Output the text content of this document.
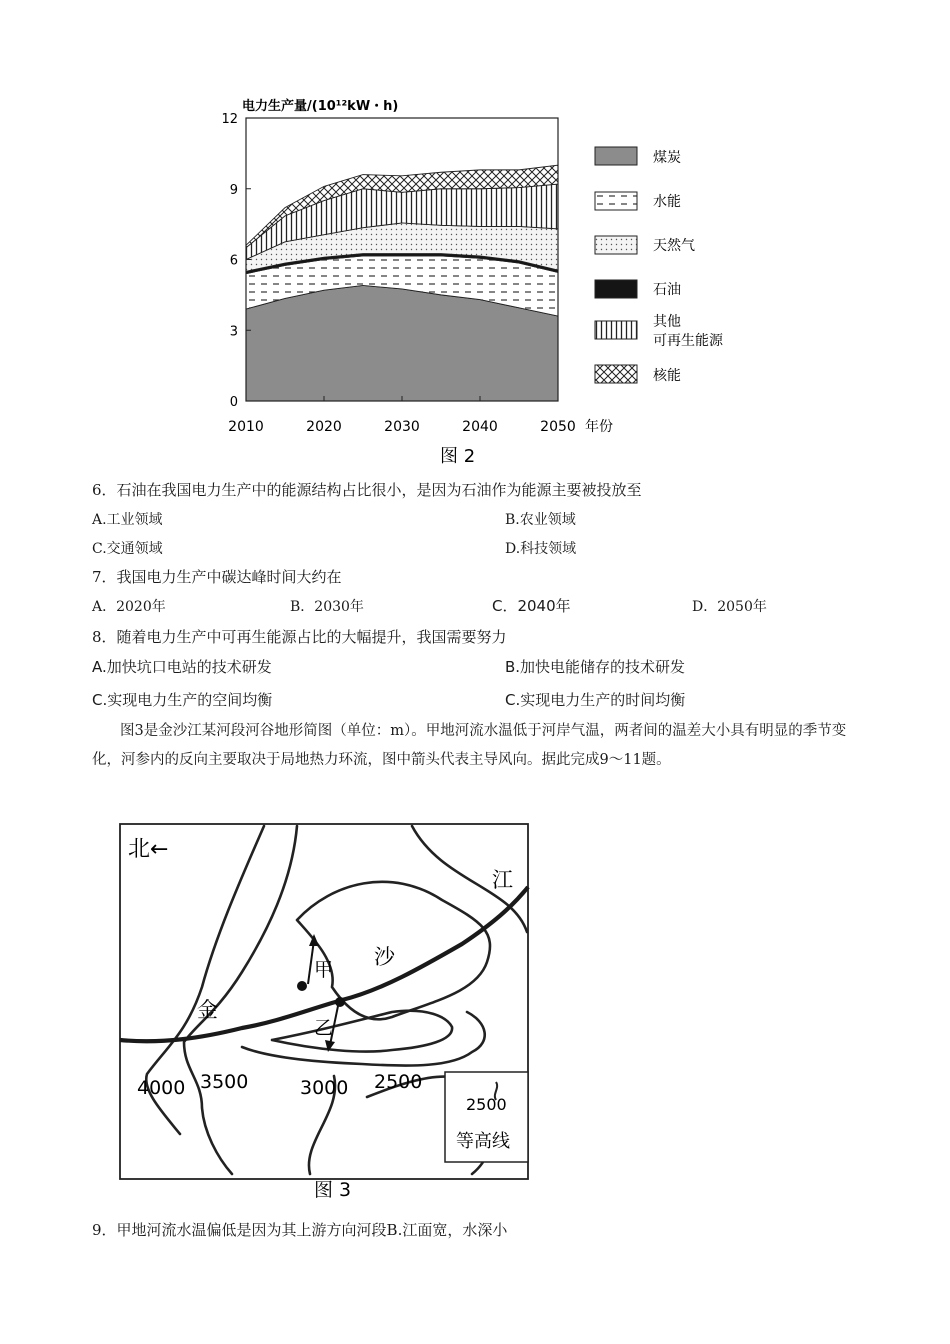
0
3
6
9
12
2010	2020	2030	2040	2050
电力生产量/(10¹²kW・h)
年份
图 2
煤炭
水能
天然气
石油
其他
可再生能源
核能
6．石油在我国电力生产中的能源结构占比很小，是因为石油作为能源主要被投放至
A.工业领域	B.农业领域
C.交通领域	D.科技领域
7．我国电力生产中碳达峰时间大约在
A．2020年	B．2030年	C．2040年	D．2050年
8．随着电力生产中可再生能源占比的大幅提升，我国需要努力
A.加快坑口电站的技术研发	B.加快电能储存的技术研发
C.实现电力生产的空间均衡	C.实现电力生产的时间均衡
图3是金沙江某河段河谷地形简图（单位：m）。甲地河流水温低于河岸气温，两者间的温差大小具有明显的季节变化，河参内的反向主要取决于局地热力环流，图中箭头代表主导风向。据此完成9～11题。
北←
江
沙
金
甲
乙
4000 3500	3000 2500
2500
等高线
图 3
9．甲地河流水温偏低是因为其上游方向河段B.江面宽，水深小
